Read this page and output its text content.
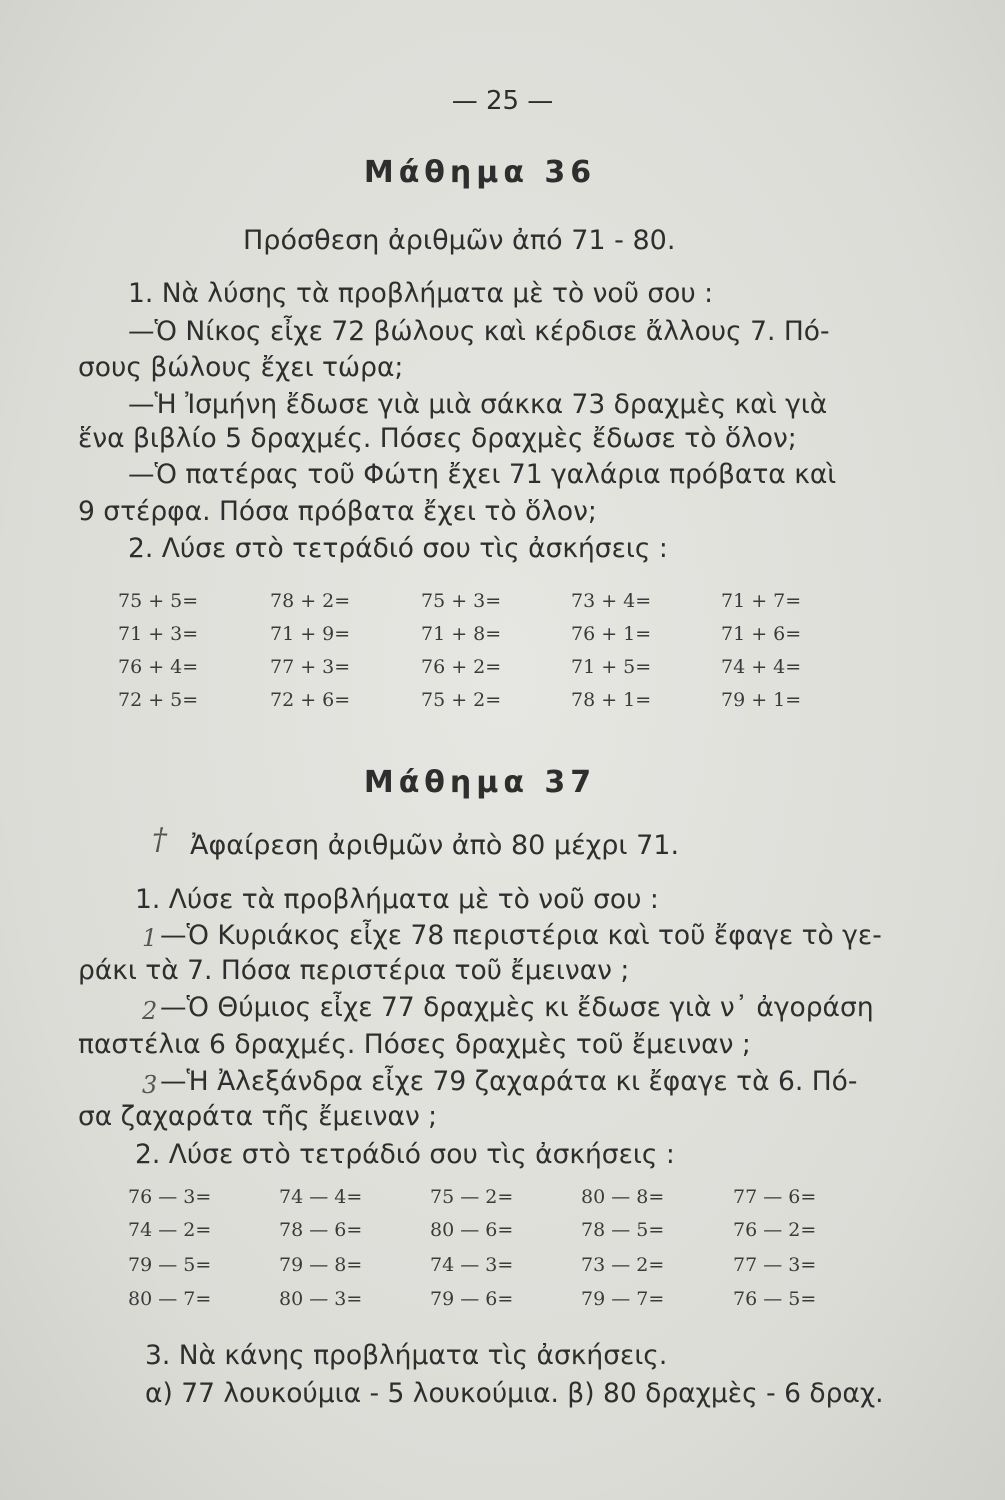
— 25 —
Μάθημα 36
Πρόσθεση ἀριθμῶν ἀπό 71 - 80.
1. Νὰ λύσης τὰ προβλήματα μὲ τὸ νοῦ σου :
—Ὁ Νίκος εἶχε 72 βώλους καὶ κέρδισε ἄλλους 7. Πό-
σους βώλους ἔχει τώρα;
—Ἡ Ἰσμήνη ἔδωσε γιὰ μιὰ σάκκα 73 δραχμὲς καὶ γιὰ
ἕνα βιβλίο 5 δραχμές. Πόσες δραχμὲς ἔδωσε τὸ ὅλον;
—Ὁ πατέρας τοῦ Φώτη ἔχει 71 γαλάρια πρόβατα καὶ
9 στέρφα. Πόσα πρόβατα ἔχει τὸ ὅλον;
2. Λύσε στὸ τετράδιό σου τὶς ἀσκήσεις :
75 + 5=	78 + 2=	75 + 3=	73 + 4=	71 + 7=
71 + 3=	71 + 9=	71 + 8=	76 + 1=	71 + 6=
76 + 4=	77 + 3=	76 + 2=	71 + 5=	74 + 4=
72 + 5=	72 + 6=	75 + 2=	78 + 1=	79 + 1=
Μάθημα 37
† Ἀφαίρεση ἀριθμῶν ἀπὸ 80 μέχρι 71.
1. Λύσε τὰ προβλήματα μὲ τὸ νοῦ σου :
1 —Ὁ Κυριάκος εἶχε 78 περιστέρια καὶ τοῦ ἔφαγε τὸ γε-
ράκι τὰ 7. Πόσα περιστέρια τοῦ ἔμειναν ;
2 —Ὁ Θύμιος εἶχε 77 δραχμὲς κι ἔδωσε γιὰ ν᾽ ἀγοράση
παστέλια 6 δραχμές. Πόσες δραχμὲς τοῦ ἔμειναν ;
3 —Ἡ Ἀλεξάνδρα εἶχε 79 ζαχαράτα κι ἔφαγε τὰ 6. Πό-
σα ζαχαράτα τῆς ἔμειναν ;
2. Λύσε στὸ τετράδιό σου τὶς ἀσκήσεις :
76 — 3=	74 — 4=	75 — 2=	80 — 8=	77 — 6=
74 — 2=	78 — 6=	80 — 6=	78 — 5=	76 — 2=
79 — 5=	79 — 8=	74 — 3=	73 — 2=	77 — 3=
80 — 7=	80 — 3=	79 — 6=	79 — 7=	76 — 5=
3. Νὰ κάνης προβλήματα τὶς ἀσκήσεις.
α) 77 λουκούμια - 5 λουκούμια. β) 80 δραχμὲς - 6 δραχ.
